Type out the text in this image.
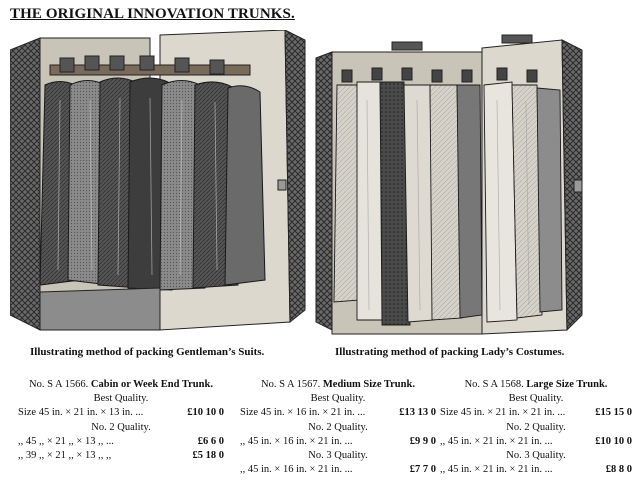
THE ORIGINAL INNOVATION TRUNKS.
Illustrating method of packing Gentleman’s Suits.	Illustrating method of packing Lady’s Costumes.
No. S A 1566. Cabin or Week End Trunk.
Best Quality.
Size 45 in. × 21 in. × 13 in. ...	£10 10 0
No. 2 Quality.
,, 45 ,, × 21 ,, × 13 ,, ...	£6 6 0
,, 39 ,, × 21 ,, × 13 ,, ,,	£5 18 0
No. S A 1567. Medium Size Trunk.
Best Quality.
Size 45 in. × 16 in. × 21 in. ...	£13 13 0
No. 2 Quality.
,, 45 in. × 16 in. × 21 in. ...	£9 9 0
No. 3 Quality.
,, 45 in. × 16 in. × 21 in. ...	£7 7 0
No. S A 1568. Large Size Trunk.
Best Quality.
Size 45 in. × 21 in. × 21 in. ...	£15 15 0
No. 2 Quality.
,, 45 in. × 21 in. × 21 in. ...	£10 10 0
No. 3 Quality.
,, 45 in. × 21 in. × 21 in. ...	£8 8 0
